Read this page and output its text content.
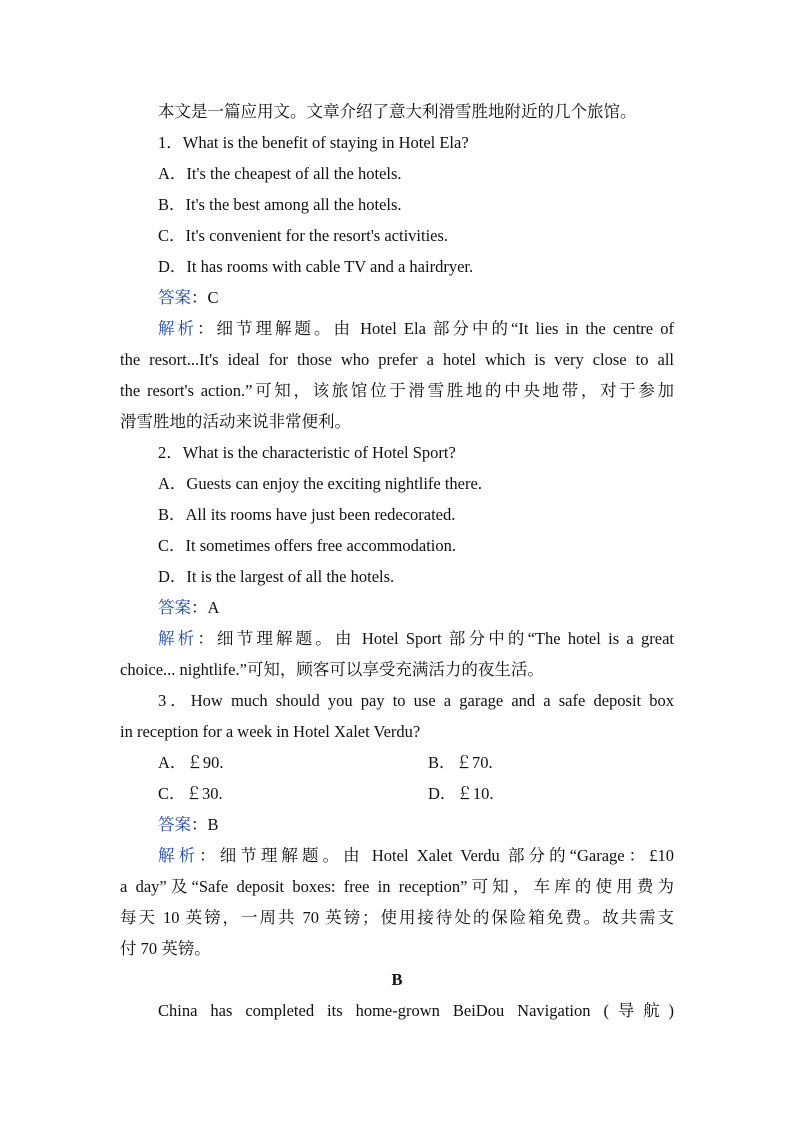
本文是一篇应用文。文章介绍了意大利滑雪胜地附近的几个旅馆。
1．What is the benefit of staying in Hotel Ela?
A．It's the cheapest of all the hotels.
B．It's the best among all the hotels.
C．It's convenient for the resort's activities.
D．It has rooms with cable TV and a hairdryer.
答案：C
解析：细节理解题。由 Hotel Ela 部分中的“It lies in the centre of
the resort...It's ideal for those who prefer a hotel which is very close to all
the resort's action.”可知，该旅馆位于滑雪胜地的中央地带，对于参加
滑雪胜地的活动来说非常便利。
2．What is the characteristic of Hotel Sport?
A．Guests can enjoy the exciting nightlife there.
B．All its rooms have just been redecorated.
C．It sometimes offers free accommodation.
D．It is the largest of all the hotels.
答案：A
解析：细节理解题。由 Hotel Sport 部分中的“The hotel is a great
choice... nightlife.”可知，顾客可以享受充满活力的夜生活。
3．How much should you pay to use a garage and a safe deposit box
in reception for a week in Hotel Xalet Verdu?
A．￡90.	B．￡70.
C．￡30.	D．￡10.
答案：B
解析：细节理解题。由 Hotel Xalet Verdu 部分的“Garage：£10
a day”及“Safe deposit boxes: free in reception”可知，车库的使用费为
每天 10 英镑，一周共 70 英镑；使用接待处的保险箱免费。故共需支
付 70 英镑。
B
China has completed its home-grown BeiDou Navigation (导航)
